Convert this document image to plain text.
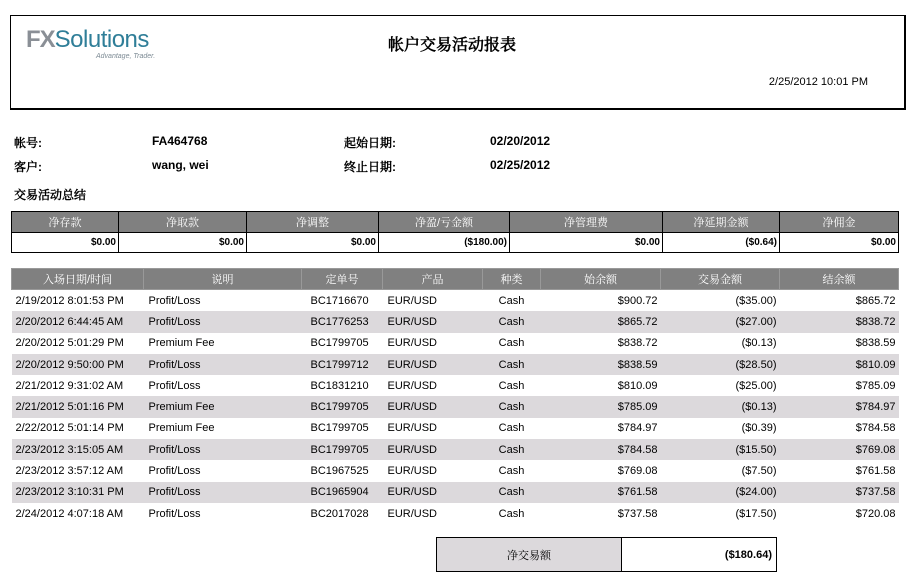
FXSolutions
Advantage, Trader.
帐户交易活动报表
2/25/2012 10:01 PM
帐号:	FA464768
客户:	wang, wei
起始日期:	02/20/2012
终止日期:	02/25/2012
交易活动总结
净存款	净取款	净调整	净盈/亏金额	净管理费	净延期金额	净佣金
$0.00	$0.00	$0.00	($180.00)	$0.00	($0.64)	$0.00
入场日期/时间	说明	定单号	产品	种类	始余额	交易金额	结余额
2/19/2012 8:01:53 PM	Profit/Loss	BC1716670	EUR/USD	Cash	$900.72	($35.00)	$865.72
2/20/2012 6:44:45 AM	Profit/Loss	BC1776253	EUR/USD	Cash	$865.72	($27.00)	$838.72
2/20/2012 5:01:29 PM	Premium Fee	BC1799705	EUR/USD	Cash	$838.72	($0.13)	$838.59
2/20/2012 9:50:00 PM	Profit/Loss	BC1799712	EUR/USD	Cash	$838.59	($28.50)	$810.09
2/21/2012 9:31:02 AM	Profit/Loss	BC1831210	EUR/USD	Cash	$810.09	($25.00)	$785.09
2/21/2012 5:01:16 PM	Premium Fee	BC1799705	EUR/USD	Cash	$785.09	($0.13)	$784.97
2/22/2012 5:01:14 PM	Premium Fee	BC1799705	EUR/USD	Cash	$784.97	($0.39)	$784.58
2/23/2012 3:15:05 AM	Profit/Loss	BC1799705	EUR/USD	Cash	$784.58	($15.50)	$769.08
2/23/2012 3:57:12 AM	Profit/Loss	BC1967525	EUR/USD	Cash	$769.08	($7.50)	$761.58
2/23/2012 3:10:31 PM	Profit/Loss	BC1965904	EUR/USD	Cash	$761.58	($24.00)	$737.58
2/24/2012 4:07:18 AM	Profit/Loss	BC2017028	EUR/USD	Cash	$737.58	($17.50)	$720.08
净交易额	($180.64)
